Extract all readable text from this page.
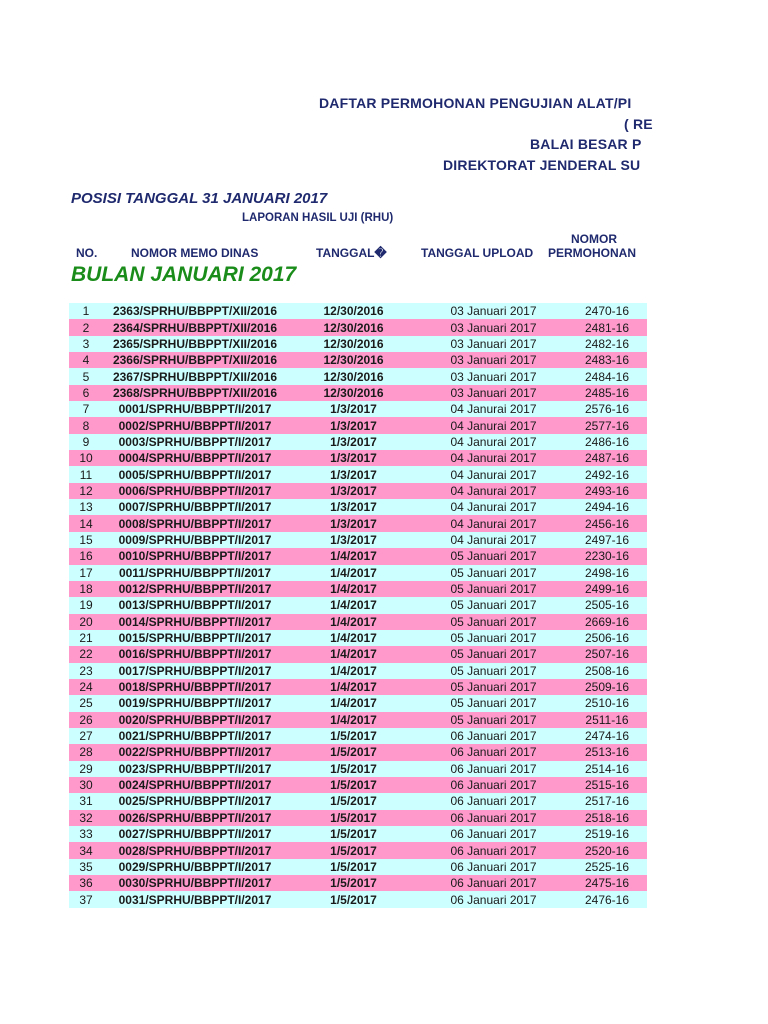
DAFTAR PERMOHONAN PENGUJIAN ALAT/PI
( RE
BALAI BESAR P
DIREKTORAT JENDERAL SU
POSISI TANGGAL 31 JANUARI 2017
LAPORAN HASIL UJI (RHU)
NO.	NOMOR MEMO DINAS	TANGGAL�	TANGGAL UPLOAD
NOMOR
PERMOHONAN
BULAN JANUARI 2017
1	2363/SPRHU/BBPPT/XII/2016	12/30/2016	03 Januari 2017	2470-16
2	2364/SPRHU/BBPPT/XII/2016	12/30/2016	03 Januari 2017	2481-16
3	2365/SPRHU/BBPPT/XII/2016	12/30/2016	03 Januari 2017	2482-16
4	2366/SPRHU/BBPPT/XII/2016	12/30/2016	03 Januari 2017	2483-16
5	2367/SPRHU/BBPPT/XII/2016	12/30/2016	03 Januari 2017	2484-16
6	2368/SPRHU/BBPPT/XII/2016	12/30/2016	03 Januari 2017	2485-16
7	0001/SPRHU/BBPPT/I/2017	1/3/2017	04 Janurai 2017	2576-16
8	0002/SPRHU/BBPPT/I/2017	1/3/2017	04 Janurai 2017	2577-16
9	0003/SPRHU/BBPPT/I/2017	1/3/2017	04 Janurai 2017	2486-16
10	0004/SPRHU/BBPPT/I/2017	1/3/2017	04 Janurai 2017	2487-16
11	0005/SPRHU/BBPPT/I/2017	1/3/2017	04 Janurai 2017	2492-16
12	0006/SPRHU/BBPPT/I/2017	1/3/2017	04 Janurai 2017	2493-16
13	0007/SPRHU/BBPPT/I/2017	1/3/2017	04 Janurai 2017	2494-16
14	0008/SPRHU/BBPPT/I/2017	1/3/2017	04 Janurai 2017	2456-16
15	0009/SPRHU/BBPPT/I/2017	1/3/2017	04 Janurai 2017	2497-16
16	0010/SPRHU/BBPPT/I/2017	1/4/2017	05 Januari 2017	2230-16
17	0011/SPRHU/BBPPT/I/2017	1/4/2017	05 Januari 2017	2498-16
18	0012/SPRHU/BBPPT/I/2017	1/4/2017	05 Januari 2017	2499-16
19	0013/SPRHU/BBPPT/I/2017	1/4/2017	05 Januari 2017	2505-16
20	0014/SPRHU/BBPPT/I/2017	1/4/2017	05 Januari 2017	2669-16
21	0015/SPRHU/BBPPT/I/2017	1/4/2017	05 Januari 2017	2506-16
22	0016/SPRHU/BBPPT/I/2017	1/4/2017	05 Januari 2017	2507-16
23	0017/SPRHU/BBPPT/I/2017	1/4/2017	05 Januari 2017	2508-16
24	0018/SPRHU/BBPPT/I/2017	1/4/2017	05 Januari 2017	2509-16
25	0019/SPRHU/BBPPT/I/2017	1/4/2017	05 Januari 2017	2510-16
26	0020/SPRHU/BBPPT/I/2017	1/4/2017	05 Januari 2017	2511-16
27	0021/SPRHU/BBPPT/I/2017	1/5/2017	06 Januari 2017	2474-16
28	0022/SPRHU/BBPPT/I/2017	1/5/2017	06 Januari 2017	2513-16
29	0023/SPRHU/BBPPT/I/2017	1/5/2017	06 Januari 2017	2514-16
30	0024/SPRHU/BBPPT/I/2017	1/5/2017	06 Januari 2017	2515-16
31	0025/SPRHU/BBPPT/I/2017	1/5/2017	06 Januari 2017	2517-16
32	0026/SPRHU/BBPPT/I/2017	1/5/2017	06 Januari 2017	2518-16
33	0027/SPRHU/BBPPT/I/2017	1/5/2017	06 Januari 2017	2519-16
34	0028/SPRHU/BBPPT/I/2017	1/5/2017	06 Januari 2017	2520-16
35	0029/SPRHU/BBPPT/I/2017	1/5/2017	06 Januari 2017	2525-16
36	0030/SPRHU/BBPPT/I/2017	1/5/2017	06 Januari 2017	2475-16
37	0031/SPRHU/BBPPT/I/2017	1/5/2017	06 Januari 2017	2476-16
